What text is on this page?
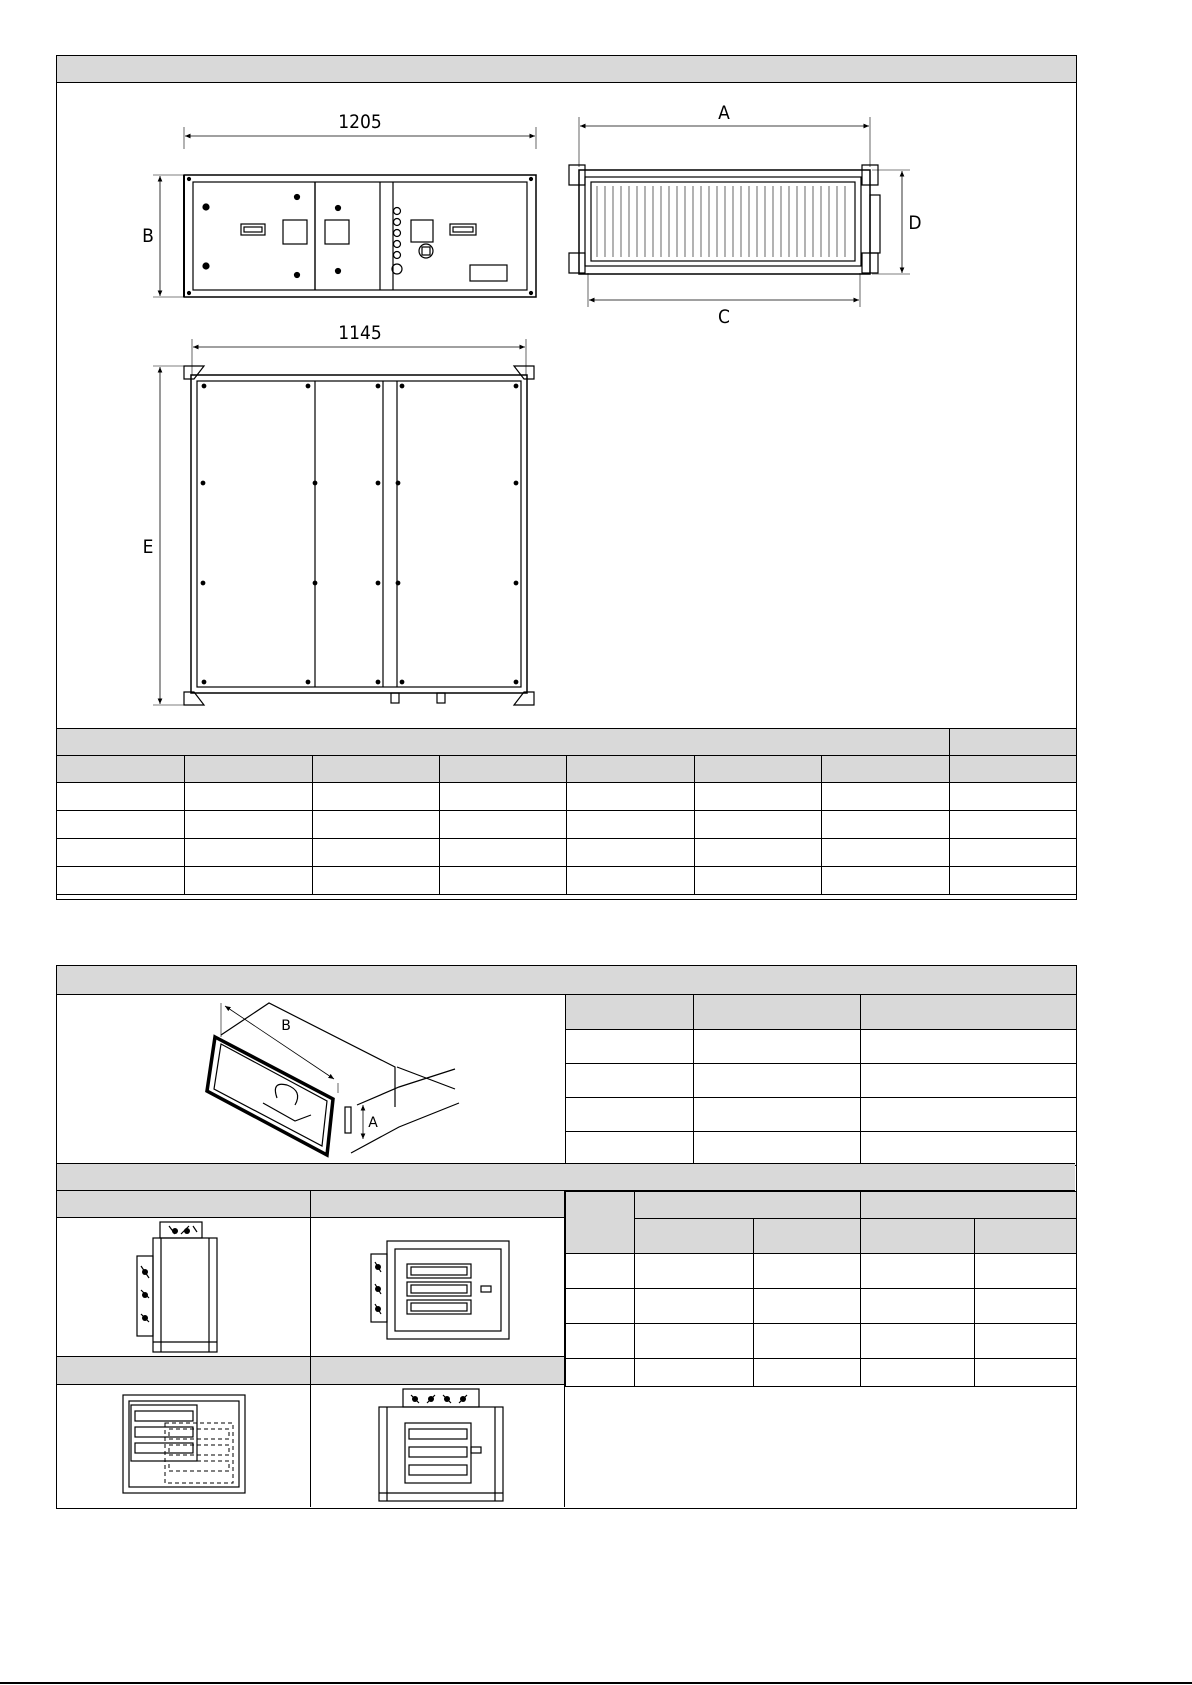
1205
B
A
C
D
1145
E

B
A
